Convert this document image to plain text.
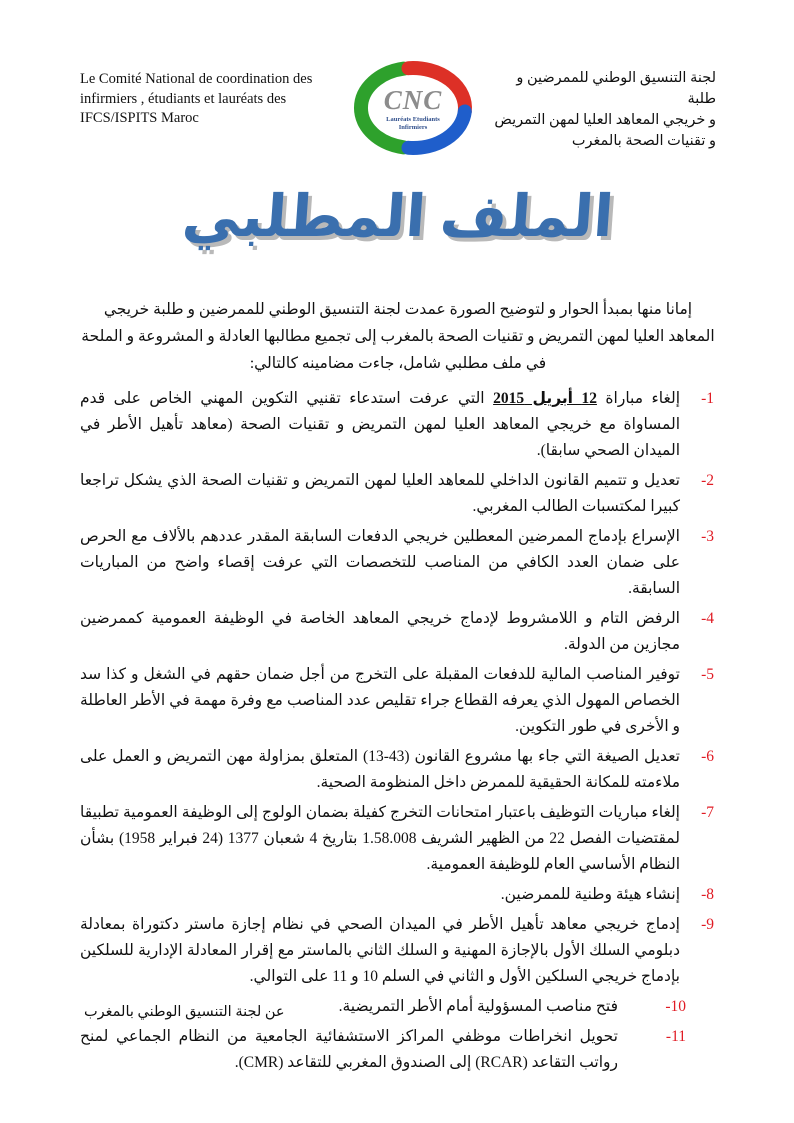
Le Comité National de coordination des
infirmiers , étudiants et lauréats des
IFCS/ISPITS Maroc
CNC
Lauréats Etudiants
Infirmiers
لجنة التنسيق الوطني للممرضين و طلبة
و خريجي المعاهد العليا لمهن التمريض
و تقنيات الصحة بالمغرب
الملف المطلبي
إمانا منها بمبدأ الحوار و لتوضيح الصورة عمدت لجنة التنسيق الوطني للممرضين و طلبة خريجي المعاهد العليا لمهن التمريض و تقنيات الصحة بالمغرب إلى تجميع مطالبها العادلة و المشروعة و الملحة في ملف مطلبي شامل، جاءت مضامينه كالتالي:
1-
إلغاء مباراة 12 أبريل 2015 التي عرفت استدعاء تقنيي التكوين المهني الخاص على قدم المساواة مع خريجي المعاهد العليا لمهن التمريض و تقنيات الصحة (معاهد تأهيل الأطر في الميدان الصحي سابقا).
2-
تعديل و تتميم القانون الداخلي للمعاهد العليا لمهن التمريض و تقنيات الصحة الذي يشكل تراجعا كبيرا لمكتسبات الطالب المغربي.
3-
الإسراع بإدماج الممرضين المعطلين خريجي الدفعات السابقة المقدر عددهم بالألاف مع الحرص على ضمان العدد الكافي من المناصب للتخصصات التي عرفت إقصاء واضح من المباريات السابقة.
4-
الرفض التام و اللامشروط لإدماج خريجي المعاهد الخاصة في الوظيفة العمومية كممرضين مجازين من الدولة.
5-
توفير المناصب المالية للدفعات المقبلة على التخرج من أجل ضمان حقهم في الشغل و كذا سد الخصاص المهول الذي يعرفه القطاع جراء تقليص عدد المناصب مع وفرة مهمة في الأطر العاطلة و الأخرى في طور التكوين.
6-
تعديل الصيغة التي جاء بها مشروع القانون (43-13) المتعلق بمزاولة مهن التمريض و العمل على ملاءمته للمكانة الحقيقية للممرض داخل المنظومة الصحية.
7-
إلغاء مباريات التوظيف باعتبار امتحانات التخرج كفيلة بضمان الولوج إلى الوظيفة العمومية تطبيقا لمقتضيات الفصل 22 من الظهير الشريف 1.58.008 بتاريخ 4 شعبان 1377 (24 فبراير 1958) بشأن النظام الأساسي العام للوظيفة العمومية.
8-
إنشاء هيئة وطنية للممرضين.
9-
إدماج خريجي معاهد تأهيل الأطر في الميدان الصحي في نظام إجازة ماستر دكتوراة بمعادلة دبلومي السلك الأول بالإجازة المهنية و السلك الثاني بالماستر مع إقرار المعادلة الإدارية للسلكين بإدماج خريجي السلكين الأول و الثاني في السلم 10 و 11 على التوالي.
10-
فتح مناصب المسؤولية أمام الأطر التمريضية.
11-
تحويل انخراطات موظفي المراكز الاستشفائية الجامعية من النظام الجماعي لمنح رواتب التقاعد (RCAR) إلى الصندوق المغربي للتقاعد (CMR).
عن لجنة التنسيق الوطني بالمغرب
